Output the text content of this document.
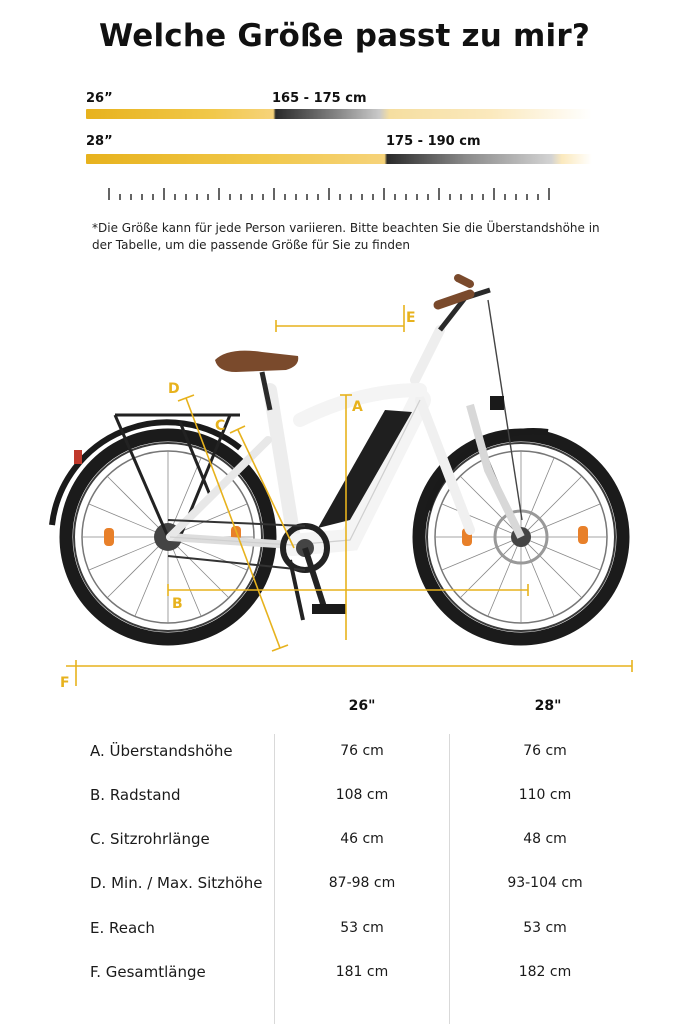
Welche Größe passt zu mir?
26”	165 - 175 cm
28”	175 - 190 cm
*Die Größe kann für jede Person variieren. Bitte beachten Sie die Überstandshöhe in der Tabelle, um die passende Größe für Sie zu finden
A
B
C
D
E
F
26"	28"
A. Überstandshöhe	76 cm	76 cm
B. Radstand	108 cm	110 cm
C. Sitzrohrlänge	46 cm	48 cm
D. Min. / Max. Sitzhöhe	87-98 cm	93-104 cm
E. Reach	53 cm	53 cm
F. Gesamtlänge	181 cm	182 cm
